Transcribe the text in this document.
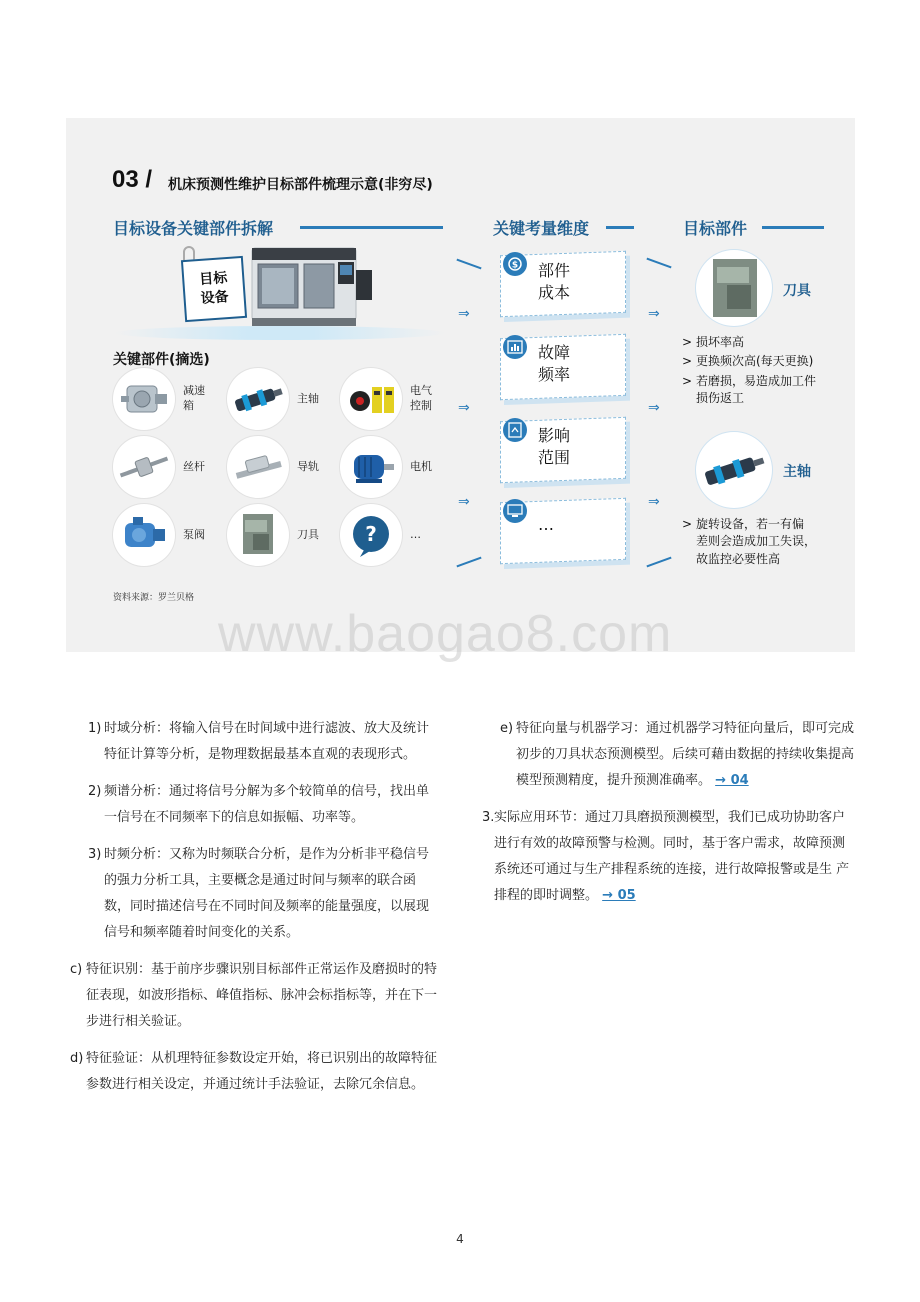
03 / 机床预测性维护目标部件梳理示意(非穷尽)
目标设备关键部件拆解	关键考量维度	目标部件
目标
设备
关键部件(摘选)
减速
箱
主轴
电气
控制
丝杆	导轨	电机
泵阀	刀具 ?	…
⇒
⇒
⇒
⇒
⇒
⇒
$ 部件
成本
故障
频率
影响
范围
…
刀具
> 损坏率高
> 更换频次高(每天更换)
> 若磨损，易造成加工件
损伤返工
主轴
> 旋转设备，若一有偏
差则会造成加工失误，
故监控必要性高
资料来源：罗兰贝格
www.baogao8.com
1) 时域分析：将输入信号在时间域中进行滤波、放大及统计特征计算等分析，是物理数据最基本直观的表现形式。
2) 频谱分析：通过将信号分解为多个较简单的信号，找出单一信号在不同频率下的信息如振幅、功率等。
3) 时频分析：又称为时频联合分析，是作为分析非平稳信号的强力分析工具，主要概念是通过时间与频率的联合函数，同时描述信号在不同时间及频率的能量强度，以展现信号和频率随着时间变化的关系。
c) 特征识别：基于前序步骤识别目标部件正常运作及磨损时的特征表现，如波形指标、峰值指标、脉冲会标指标等，并在下一步进行相关验证。
d) 特征验证：从机理特征参数设定开始，将已识别出的故障特征参数进行相关设定，并通过统计手法验证，去除冗余信息。
e) 特征向量与机器学习：通过机器学习特征向量后，即可完成初步的刀具状态预测模型。后续可藉由数据的持续收集提高模型预测精度，提升预测准确率。 → 04
3. 实际应用环节：通过刀具磨损预测模型，我们已成功协助客户进行有效的故障预警与检测。同时，基于客户需求，故障预测系统还可通过与生产排程系统的连接，进行故障报警或是生 产排程的即时调整。 → 05
4
